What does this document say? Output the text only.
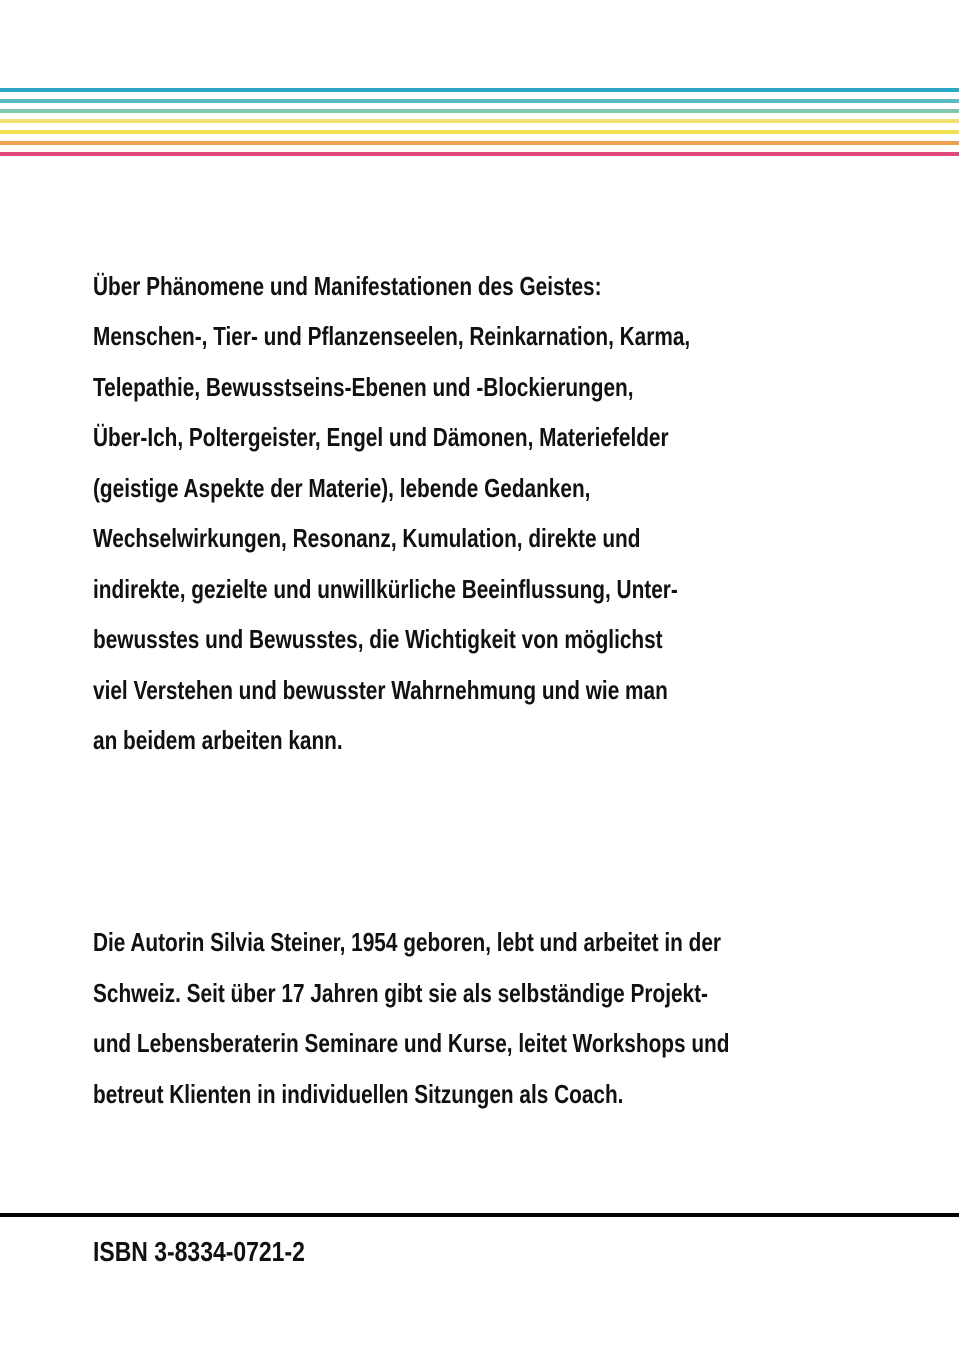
Über Phänomene und Manifestationen des Geistes:
Menschen-, Tier- und Pflanzenseelen, Reinkarnation, Karma,
Telepathie, Bewusstseins-Ebenen und -Blockierungen,
Über-Ich, Poltergeister, Engel und Dämonen, Materiefelder
(geistige Aspekte der Materie), lebende Gedanken,
Wechselwirkungen, Resonanz, Kumulation, direkte und
indirekte, gezielte und unwillkürliche Beeinflussung, Unter-
bewusstes und Bewusstes, die Wichtigkeit von möglichst
viel Verstehen und bewusster Wahrnehmung und wie man
an beidem arbeiten kann.
Die Autorin Silvia Steiner, 1954 geboren, lebt und arbeitet in der
Schweiz. Seit über 17 Jahren gibt sie als selbständige Projekt-
und Lebensberaterin Seminare und Kurse, leitet Workshops und
betreut Klienten in individuellen Sitzungen als Coach.
ISBN 3-8334-0721-2
